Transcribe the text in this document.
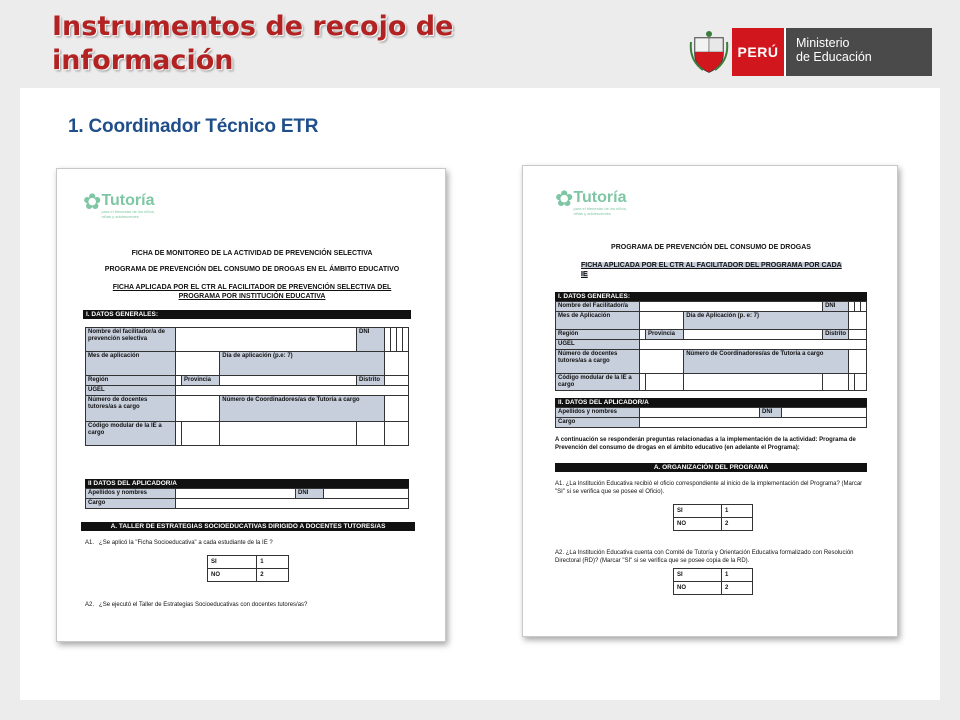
Instrumentos de recojo de
información	PERÚ
Ministerio
de Educación
1. Coordinador Técnico ETR
✿ Tutoría
para el bienestar de los niños, niñas y adolescentes
FICHA DE MONITOREO DE LA ACTIVIDAD DE PREVENCIÓN SELECTIVA
PROGRAMA DE PREVENCIÓN DEL CONSUMO DE DROGAS EN EL ÁMBITO EDUCATIVO
FICHA APLICADA POR EL CTR AL FACILITADOR DE PREVENCIÓN SELECTIVA DEL
PROGRAMA POR INSTITUCIÓN EDUCATIVA
I. DATOS GENERALES:
Nombre del facilitador/a de prevención selectiva				DNI				
Mes de aplicación			Día de aplicación (p.e: 7)					
Región		Provincia		Distrito				
UGEL								
Número de docentes tutores/as a cargo			Número de Coordinadores/as de Tutoría a cargo					
Código modular de la IE a cargo								
II DATOS DEL APLICADOR/A
Apellidos y nombres		DNI	
Cargo			
A. TALLER DE ESTRATEGIAS SOCIOEDUCATIVAS DIRIGIDO A DOCENTES TUTORES/AS
A1. ¿Se aplicó la "Ficha Socioeducativa" a cada estudiante de la IE ?
SI	1
NO	2
A2. ¿Se ejecutó el Taller de Estrategias Socioeducativas con docentes tutores/as?
✿ Tutoría
para el bienestar de los niños, niñas y adolescentes
PROGRAMA DE PREVENCIÓN DEL CONSUMO DE DROGAS
FICHA APLICADA POR EL CTR AL FACILITADOR DEL PROGRAMA POR CADA IE
I. DATOS GENERALES:
Nombre del Facilitador/a				DNI			
Mes de Aplicación			Día de Aplicación (p. e: 7)				
Región		Provincia		Distrito			
UGEL							
Número de docentes tutores/as a cargo			Número de Coordinadores/as de Tutoría a cargo				
Código modular de la IE a cargo							
II. DATOS DEL APLICADOR/A
Apellidos y nombres		DNI	
Cargo			
A continuación se responderán preguntas relacionadas a la implementación de la actividad: Programa de Prevención del consumo de drogas en el ámbito educativo (en adelante el Programa):
A. ORGANIZACIÓN DEL PROGRAMA
A1. ¿La Institución Educativa recibió el oficio correspondiente al inicio de la implementación del Programa? (Marcar "SI" si se verifica que se posee el Oficio).
SI	1
NO	2
A2. ¿La Institución Educativa cuenta con Comité de Tutoría y Orientación Educativa formalizado con Resolución Directoral (RD)? (Marcar "SI" si se verifica que se posee copia de la RD).
SI	1
NO	2
